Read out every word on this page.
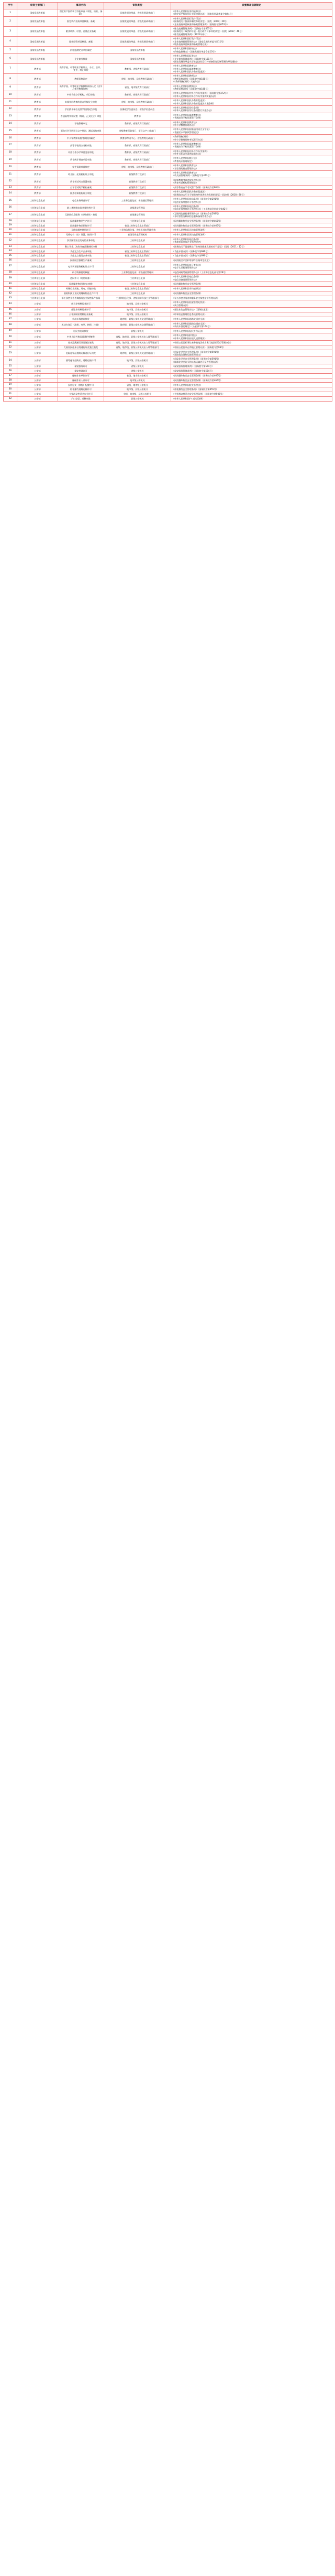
序号	审批主管部门	事项名称	审批类型	设置事项依据规定
1	国家发展改革委	固定资产投资项目节能审查（审批、核准、备案）	国家发展改革委、省级发展改革部门	《中华人民共和国节约能源法》
《固定资产投资项目节能审查办法》（国家发展改革委令第44号）
2	国家发展改革委	固定资产投资项目核准、备案	国家发展改革委、省级发展改革部门	《中华人民共和国行政许可法》
《国务院关于投资体制改革的决定》（国发〔2004〕20号）
《企业投资项目核准和备案管理条例》（国务院令第673号）
3	国家发展改革委	粮食收购、经营、仓储企业备案	国家发展改革委、省级发展改革部门	《粮食流通管理条例》（国务院令第407号）
《国务院关于取消和下放一批行政许可事项的决定》（国发〔2017〕46号）
《粮食流通管理条例》（2021年修订）
4	国家发展改革委	境外投资项目核准、备案	国家发展改革委、省级发展改革部门	《中华人民共和国行政许可法》
《企业境外投资管理办法》（国家发展改革委令第11号）
《境外投资项目核准和备案管理办法》
5	国家发展改革委	价格监测定点单位确定	国家发展改革委	《中华人民共和国价格法》
《价格监测规定》（国家发展改革委令第10号）
6	国家发展改革委	企业债券核准	国家发展改革委	《中华人民共和国证券法》
《企业债券管理条例》（国务院令第121号）
《国家发展改革委关于推进企业发行外债备案登记制管理改革的通知》
7	教育部	高等学校、中等职业学校设立、分立、合并、变更、终止审批	教育部、省级教育行政部门	《中华人民共和国教育法》
《中华人民共和国高等教育法》
《中华人民共和国民办教育促进法》
8	教育部	教师资格认定	省级、地市级、县级教育行政部门	《中华人民共和国教师法》
《教师资格条例》（国务院令第188号）
《〈教师资格条例〉实施办法》
9	教育部	高等学校、中等职业学校教师资格认定（含实习指导教师资格）	省级、地市级教育行政部门	《中华人民共和国教师法》
《教师资格条例》（国务院令第188号）
10	教育部	中外合作办学机构、项目审批	教育部、省级教育行政部门	《中华人民共和国中外合作办学条例》（国务院令第372号）
《中华人民共和国中外合作办学条例实施办法》
11	教育部	实施学历教育的民办学校设立审批	省级、地市级、县级教育行政部门	《中华人民共和国民办教育促进法》
《中华人民共和国民办教育促进法实施条例》
12	教育部	学位授予单位及其学位授权点审批	国务院学位委员会、省级学位委员会	《中华人民共和国学位条例》
《中华人民共和国学位条例暂行实施办法》
13	教育部	普通高等学校设置（筹设、正式设立）审批	教育部	《中华人民共和国高等教育法》
《普通高等学校设置暂行条例》
14	教育部	学校教材审定	教育部、省级教育行政部门	《中华人民共和国教育法》
《中小学教材管理办法》
15	教育部	面向社会开展语言文字培训、测试机构审批	省级教育行政部门、语言文字工作部门	《中华人民共和国国家通用语言文字法》
《普通话水平测试管理规定》
16	教育部	中小学教师资格考试机构确定	教育部考试中心、省级教育行政部门	《教师资格条例》
《中小学教师资格考试暂行办法》
17	教育部	高等学校设立分校审批	教育部、省级教育行政部门	《中华人民共和国高等教育法》
《普通高等学校设置暂行条例》
18	教育部	中外合作办学项目变更审批	教育部、省级教育行政部门	《中华人民共和国中外合作办学条例》
《中外合作办学条例实施办法》
19	教育部	教育统计调查项目审批	教育部、省级教育行政部门	《中华人民共和国统计法》
《教育统计管理规定》
20	教育部	学生资助项目核定	省级、地市级、县级教育行政部门	《中华人民共和国教育法》
《学生资助资金管理办法》
21	教育部	幼儿园、托育机构设立审批	县级教育行政部门	《中华人民共和国教育法》
《幼儿园管理条例》（国务院令第473号）
22	教育部	教育考试考点设置审批	省级教育行政部门	《国家教育考试违规处理办法》
《教育考试机构管理规定》
23	教育部	自学考试助学机构备案	省级教育行政部门	《高等教育自学考试暂行条例》（国务院令第98号）
24	教育部	校外培训机构设立审批	县级教育行政部门	《中华人民共和国民办教育促进法》
《国务院办公厅关于规范校外培训机构发展的意见》（国办发〔2018〕80号）
25	工业和信息化部	电信业务经营许可	工业和信息化部、省级通信管理局	《中华人民共和国电信条例》（国务院令第291号）
《电信业务经营许可管理办法》
26	工业和信息化部	第二类增值电信业务经营许可	省级通信管理局	《中华人民共和国电信条例》
《电信业务经营许可管理办法》（工业和信息化部令第42号）
27	工业和信息化部	互联网信息服务（非经营性）备案	省级通信管理局	《互联网信息服务管理办法》（国务院令第292号）
《非经营性互联网信息服务备案管理办法》
28	工业和信息化部	民用爆炸物品生产许可	工业和信息化部	《民用爆炸物品安全管理条例》（国务院令第466号）
29	工业和信息化部	民用爆炸物品销售许可	省级工业和信息化主管部门	《民用爆炸物品安全管理条例》（国务院令第466号）
30	工业和信息化部	无线电频率使用许可	工业和信息化部、省级无线电管理机构	《中华人民共和国无线电管理条例》
31	工业和信息化部	无线电台（站）设置、使用许可	省级无线电管理机构	《中华人民共和国无线电管理条例》
32	工业和信息化部	涉及国家安全的电信业务审批	工业和信息化部	《中华人民共和国电信条例》
《外商投资电信企业管理规定》
33	工业和信息化部	稀土开采、冶炼分离总量指标控制	工业和信息化部	《国务院关于促进稀土行业持续健康发展的若干意见》（国发〔2011〕12号）
34	工业和信息化部	食盐定点生产企业审批	省级工业和信息化主管部门	《食盐专营办法》（国务院令第696号）
35	工业和信息化部	食盐定点批发企业审批	省级工业和信息化主管部门	《食盐专营办法》（国务院令第696号）
36	工业和信息化部	民用航空器材生产备案	工业和信息化部	《民用航空产品和零部件合格审定规定》
37	工业和信息化部	电子认证服务机构设立许可	工业和信息化部	《中华人民共和国电子签名法》
《电子认证服务管理办法》
38	工业和信息化部	码号资源使用核配	工业和信息化部、省级通信管理局	《电信网码号资源管理办法》（工业和信息化部令第26号）
39	工业和信息化部	进网许可（电信设备）	工业和信息化部	《中华人民共和国电信条例》
《电信设备进网管理办法》
40	工业和信息化部	民用爆炸物品进出口审批	工业和信息化部	《民用爆炸物品安全管理条例》
41	工业和信息化部	特殊行业用地、用电、用能审批	省级工业和信息化主管部门	《中华人民共和国节约能源法》
42	工业和信息化部	国防科技工业民用爆炸物品生产许可	工业和信息化部	《民用爆炸物品安全管理条例》
43	工业和信息化部	军工涉密业务咨询服务安全保密条件备案	工业和信息化部、省级国防科技工业管理部门	《军工涉密业务咨询服务安全保密监督管理办法》
44	公安部	典当业特种行业许可	地市级、县级公安机关	《中华人民共和国治安管理处罚法》
《典当管理办法》
45	公安部	旅馆业特种行业许可	地市级、县级公安机关	《旅馆业治安管理办法》（国务院批准）
46	公安部	公章刻制业特种行业备案	地市级、县级公安机关	《印章治安管理信息系统管理办法》
47	公安部	机动车驾驶证核发	地市级、县级公安机关交通管理部门	《中华人民共和国道路交通安全法》
48	公安部	机动车登记（注册、变更、转移、注销）	地市级、县级公安机关交通管理部门	《中华人民共和国道路交通安全法》
《机动车登记规定》（公安部令第164号）
49	公安部	居民身份证核发	县级公安机关	《中华人民共和国居民身份证法》
50	公安部	中华人民共和国普通护照签发	省级、地市级、县级公安机关出入境管理部门	《中华人民共和国护照法》
《中华人民共和国出境入境管理法》
51	公安部	往来港澳通行证及签注签发	省级、地市级、县级公安机关出入境管理部门	《中国公民因私事往来香港地区或者澳门地区的暂行管理办法》
52	公安部	大陆居民往来台湾通行证及签注签发	省级、地市级、县级公安机关出入境管理部门	《中国公民往来台湾地区管理办法》（国务院令第93号）
53	公安部	危险化学品道路运输通行证核发	地市级、县级公安机关交通管理部门	《危险化学品安全管理条例》（国务院令第591号）
《道路危险货物运输管理规定》
54	公安部	剧毒化学品购买、道路运输许可	地市级、县级公安机关	《危险化学品安全管理条例》（国务院令第591号）
《剧毒化学品购买和公路运输许可证件管理办法》
55	公安部	保安服务许可	省级公安机关	《保安服务管理条例》（国务院令第564号）
56	公安部	保安培训许可	省级公安机关	《保安服务管理条例》（国务院令第564号）
57	公安部	爆破作业单位许可	省级、地市级公安机关	《民用爆炸物品安全管理条例》（国务院令第466号）
58	公安部	爆破作业人员许可	地市级公安机关	《民用爆炸物品安全管理条例》（国务院令第466号）
59	公安部	民用枪支（弹药）配置许可	省级、地市级公安机关	《中华人民共和国枪支管理法》
60	公安部	烟花爆竹道路运输许可	地市级、县级公安机关	《烟花爆竹安全管理条例》（国务院令第455号）
61	公安部	大型群众性活动安全许可	省级、地市级、县级公安机关	《大型群众性活动安全管理条例》（国务院令第505号）
62	公安部	户口登记、迁移审批	县级公安机关	《中华人民共和国户口登记条例》
